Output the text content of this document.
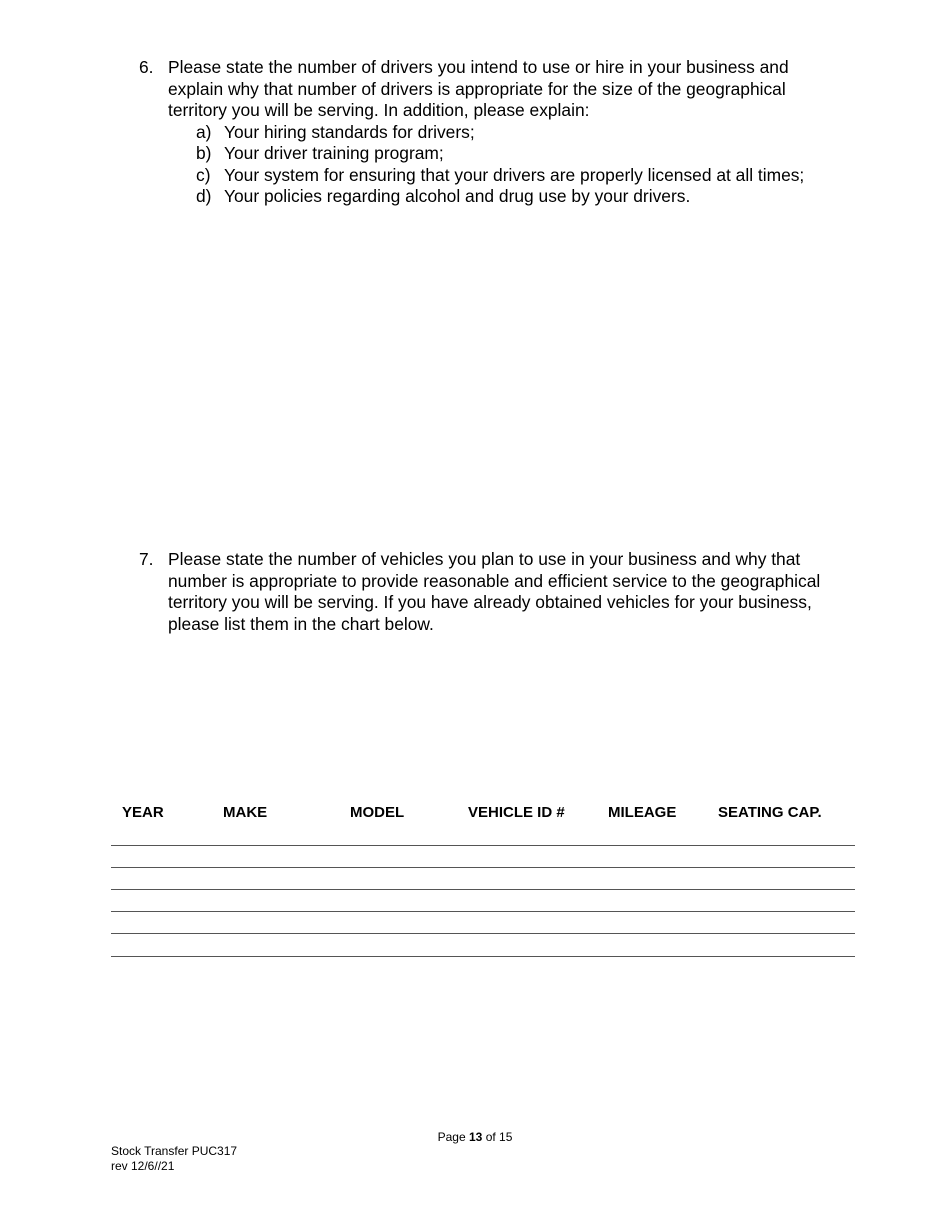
6. Please state the number of drivers you intend to use or hire in your business and explain why that number of drivers is appropriate for the size of the geographical territory you will be serving. In addition, please explain:
a) Your hiring standards for drivers;
b) Your driver training program;
c) Your system for ensuring that your drivers are properly licensed at all times;
d) Your policies regarding alcohol and drug use by your drivers.
7. Please state the number of vehicles you plan to use in your business and why that number is appropriate to provide reasonable and efficient service to the geographical territory you will be serving. If you have already obtained vehicles for your business, please list them in the chart below.
YEAR	MAKE	MODEL	VEHICLE ID #	MILEAGE	SEATING CAP.
Page 13 of 15
Stock Transfer PUC317
rev 12/6//21
